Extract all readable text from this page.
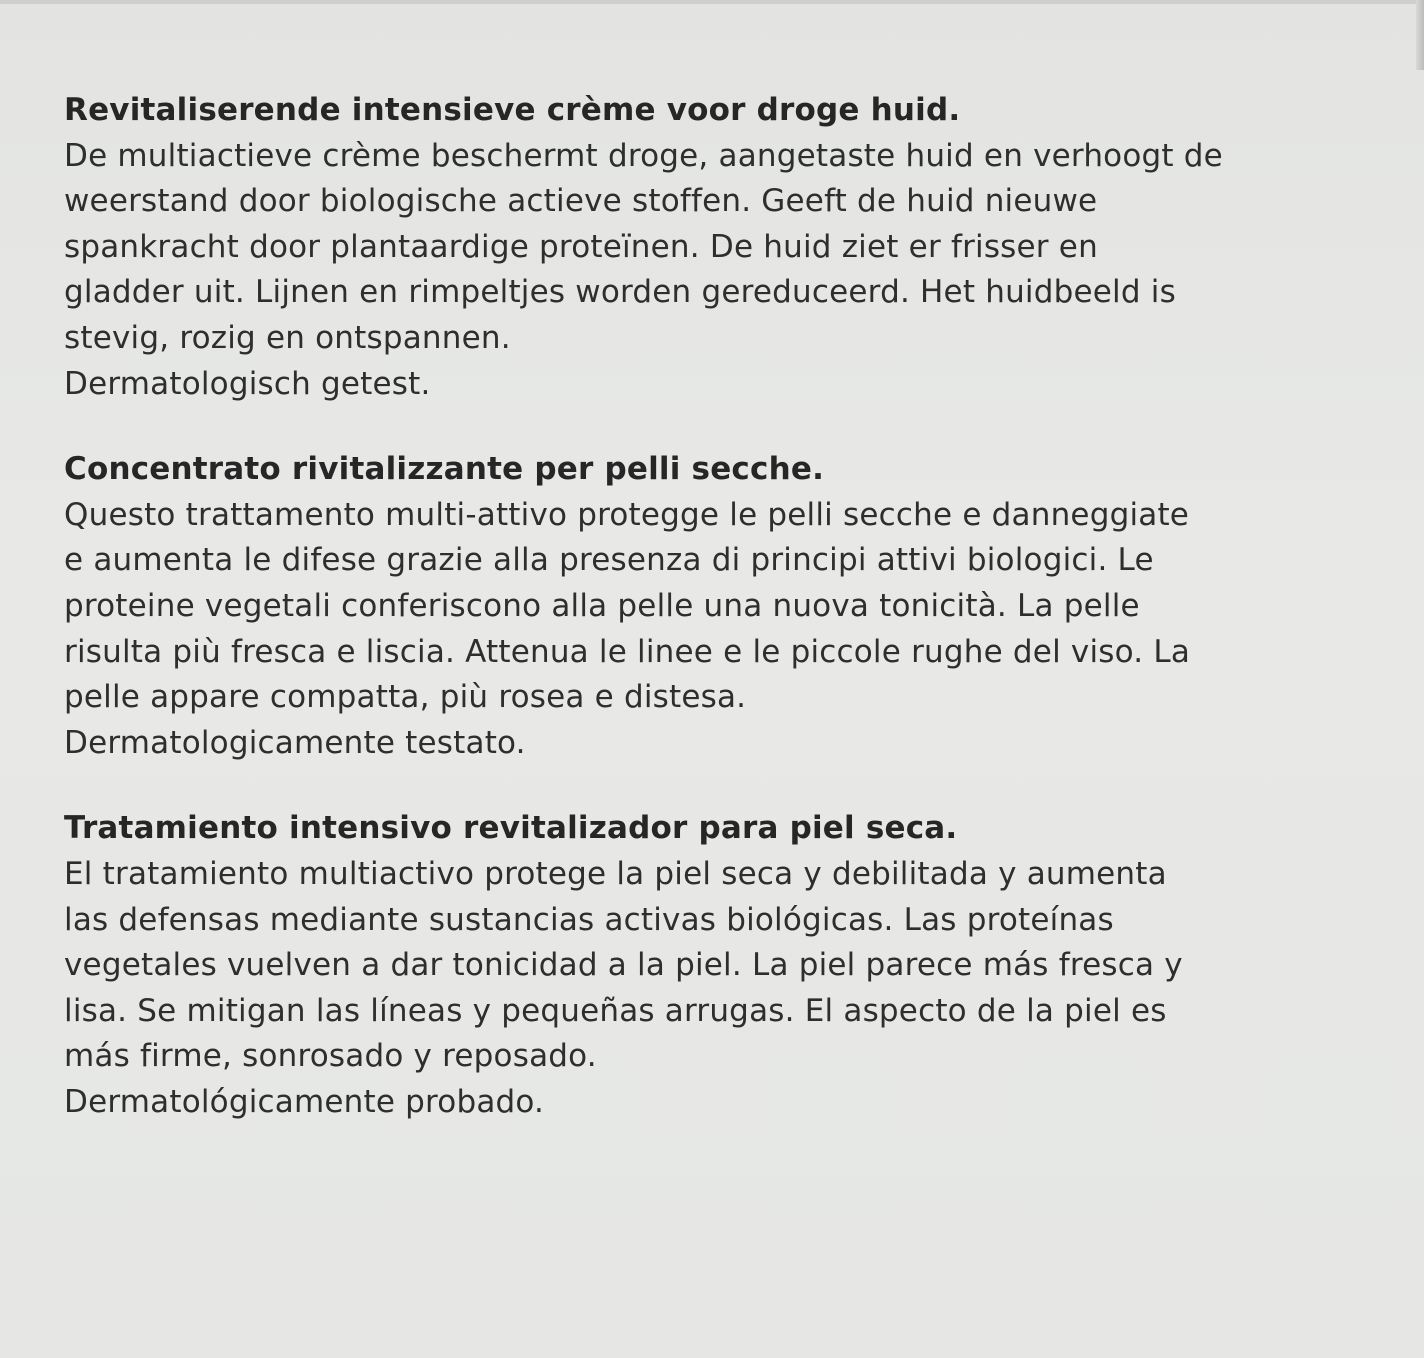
Revitaliserende intensieve crème voor droge huid.

De multiactieve crème beschermt droge, aangetaste huid en verhoogt de

weerstand door biologische actieve stoffen. Geeft de huid nieuwe

spankracht door plantaardige proteïnen. De huid ziet er frisser en

gladder uit. Lijnen en rimpeltjes worden gereduceerd. Het huidbeeld is

stevig, rozig en ontspannen.

Dermatologisch getest.

Concentrato rivitalizzante per pelli secche.

Questo trattamento multi-attivo protegge le pelli secche e danneggiate

e aumenta le difese grazie alla presenza di principi attivi biologici. Le

proteine vegetali conferiscono alla pelle una nuova tonicità. La pelle

risulta più fresca e liscia. Attenua le linee e le piccole rughe del viso. La

pelle appare compatta, più rosea e distesa.

Dermatologicamente testato.

Tratamiento intensivo revitalizador para piel seca.

El tratamiento multiactivo protege la piel seca y debilitada y aumenta

las defensas mediante sustancias activas biológicas. Las proteínas

vegetales vuelven a dar tonicidad a la piel. La piel parece más fresca y

lisa. Se mitigan las líneas y pequeñas arrugas. El aspecto de la piel es

más firme, sonrosado y reposado.

Dermatológicamente probado.
